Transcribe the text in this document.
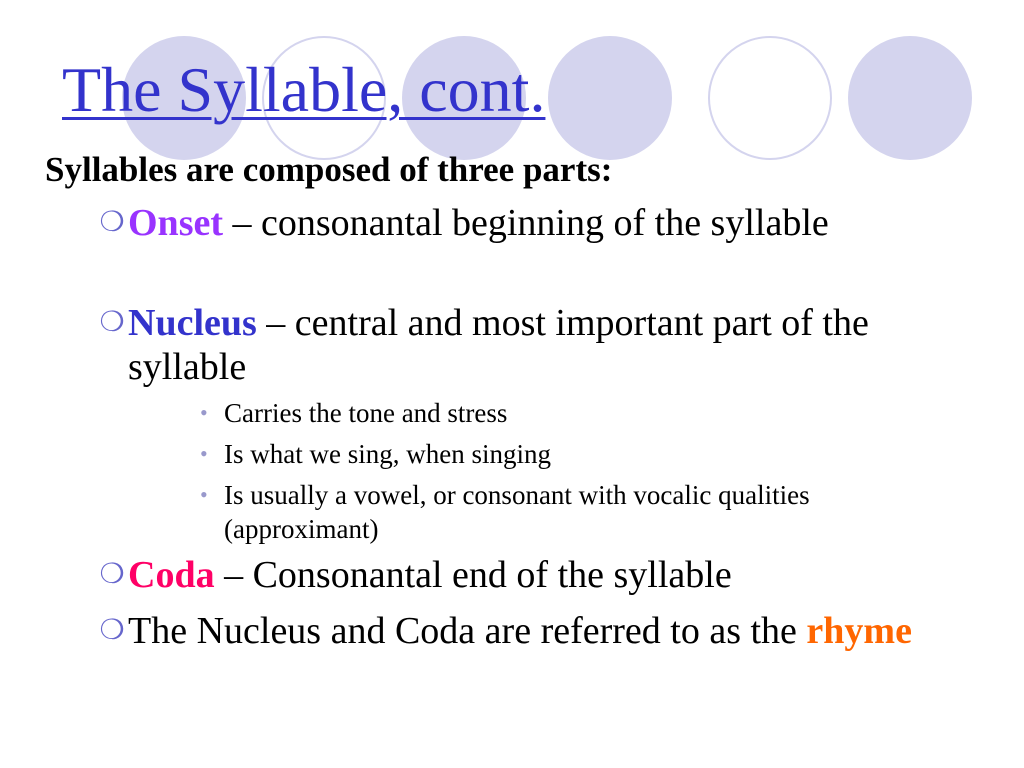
The Syllable, cont.
Syllables are composed of three parts:
❍ Onset – consonantal beginning of the syllable
❍ Nucleus – central and most important part of the syllable
• Carries the tone and stress
• Is what we sing, when singing
• Is usually a vowel, or consonant with vocalic qualities (approximant)
❍ Coda – Consonantal end of the syllable
❍ The Nucleus and Coda are referred to as the rhyme
